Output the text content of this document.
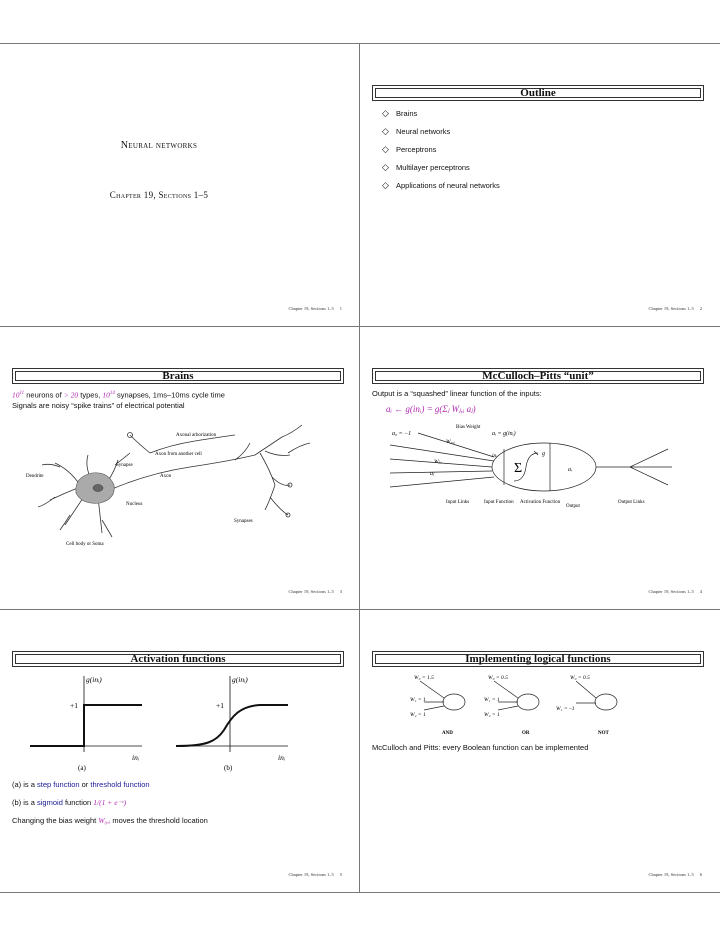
Neural networks
Chapter 19, Sections 1–5
Chapter 19, Sections 1–5 1
Outline
◇ Brains
◇ Neural networks
◇ Perceptrons
◇ Multilayer perceptrons
◇ Applications of neural networks
Chapter 19, Sections 1–5 2
Brains
$10^{11}$ neurons of > 20 types, $10^{14}$ synapses, 1ms–10ms cycle time
Signals are noisy “spike trains” of electrical potential
Axonal arborization
Axon from another cell
Synapse
Dendrite	Axon
Nucleus
Synapses
Cell body or Soma
Chapter 19, Sections 1–5 3
McCulloch–Pitts “unit”
Output is a “squashed” linear function of the inputs:
aᵢ ← g(inᵢ) = g(Σⱼ Wⱼ,ᵢ aⱼ)
Bias Weight
a₀ = −1	aᵢ = g(inᵢ)
W₀,ᵢ
inᵢ	g
Wⱼ,ᵢ
aⱼ	Σ	aᵢ
Input Links	Input Function Activation Function
Output
Output Links
Chapter 19, Sections 1–5 4
Activation functions
g(inᵢ)	g(inᵢ)
+1	+1
inᵢ	inᵢ
(a)	(b)
(a) is a step function or threshold function
(b) is a sigmoid function 1/(1 + e⁻ˣ)
Changing the bias weight W₀,ᵢ moves the threshold location
Chapter 19, Sections 1–5 5
Implementing logical functions
W₀ = 1.5
W₁ = 1
W₂ = 1
AND
W₀ = 0.5
W₁ = 1
W₂ = 1
OR
W₀ = 0.5
W₁ = –1
NOT
McCulloch and Pitts: every Boolean function can be implemented
Chapter 19, Sections 1–5 6
